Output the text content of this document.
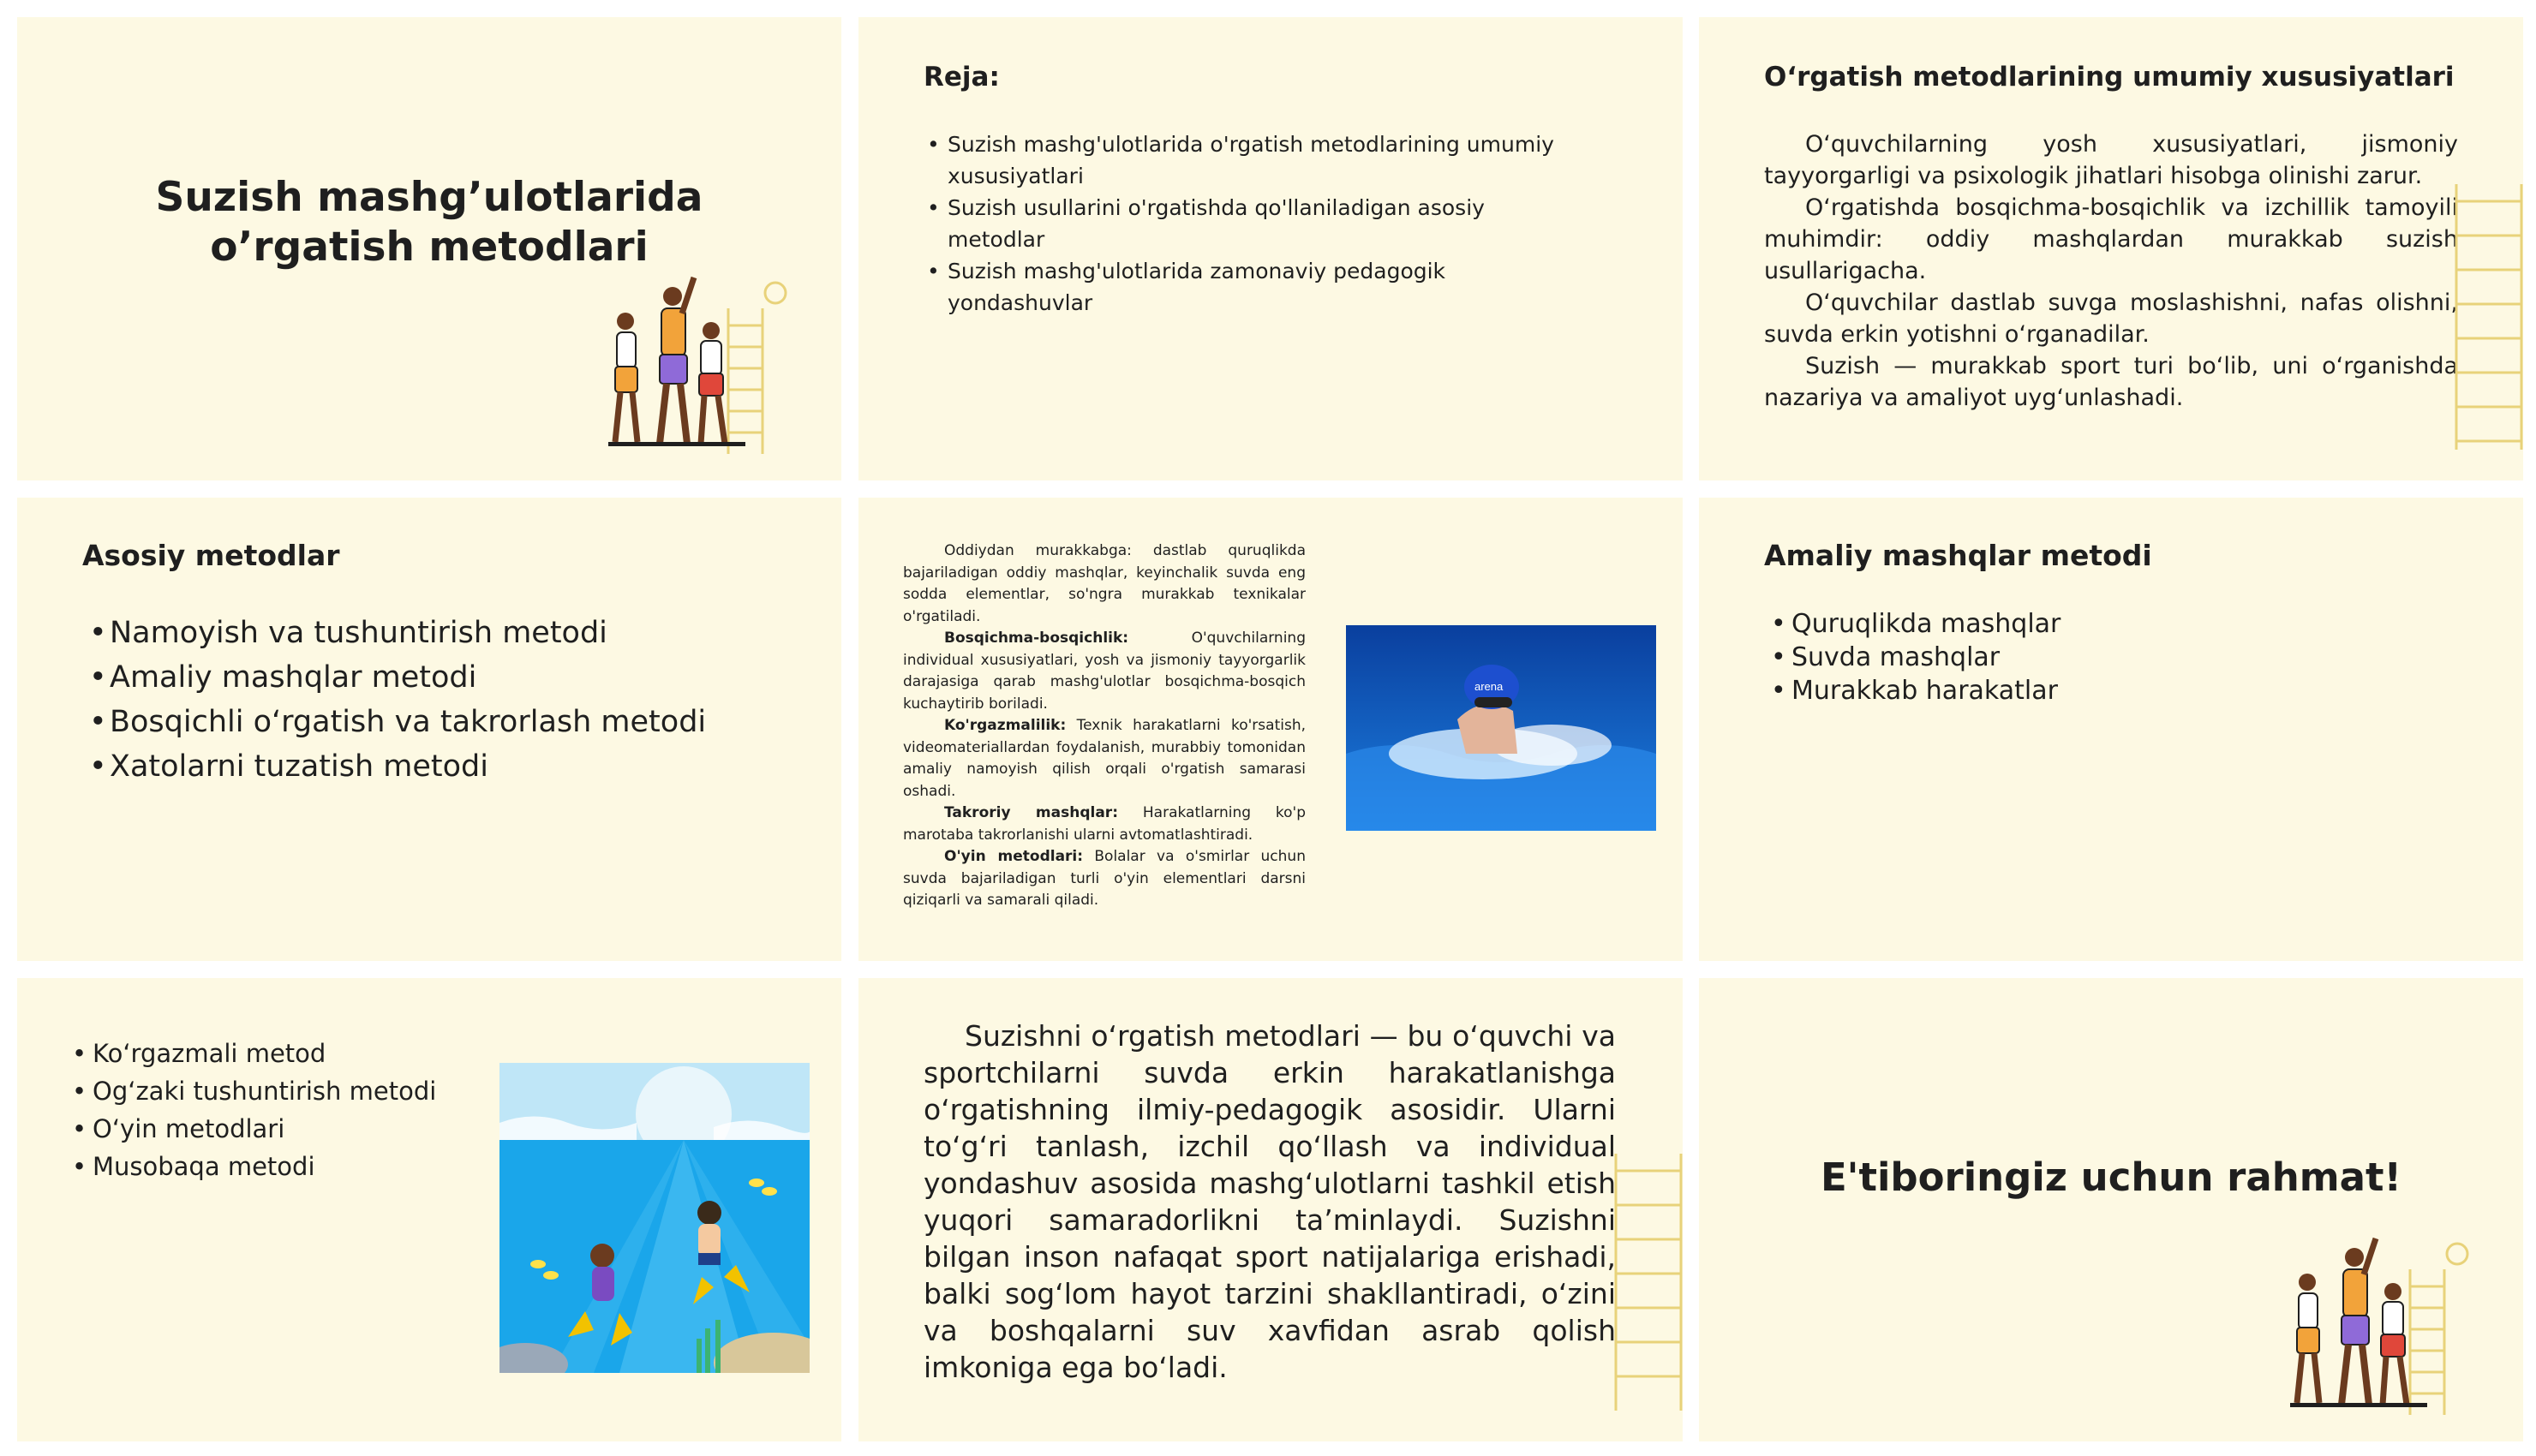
Suzish mashg’ulotlarida
o’rgatish metodlari
Reja:
• Suzish mashg'ulotlarida o'rgatish metodlarining umumiy xususiyatlari
• Suzish usullarini o'rgatishda qo'llaniladigan asosiy metodlar
• Suzish mashg'ulotlarida zamonaviy pedagogik yondashuvlar
O‘rgatish metodlarining umumiy xususiyatlari

O‘quvchilarning yosh xususiyatlari, jismoniy tayyorgarligi va psixologik jihatlari hisobga olinishi zarur.

O‘rgatishda bosqichma-bosqichlik va izchillik tamoyili muhimdir: oddiy mashqlardan murakkab suzish usullarigacha.

O‘quvchilar dastlab suvga moslashishni, nafas olishni, suvda erkin yotishni o‘rganadilar.

Suzish — murakkab sport turi bo‘lib, uni o‘rganishda nazariya va amaliyot uyg‘unlashadi.

Asosiy metodlar
• Namoyish va tushuntirish metodi
• Amaliy mashqlar metodi
• Bosqichli o‘rgatish va takrorlash metodi
• Xatolarni tuzatish metodi

Oddiydan murakkabga: dastlab quruqlikda bajariladigan oddiy mashqlar, keyinchalik suvda eng sodda elementlar, so'ngra murakkab texnikalar o'rgatiladi.

Bosqichma-bosqichlik: O'quvchilarning individual xususiyatlari, yosh va jismoniy tayyorgarlik darajasiga qarab mashg'ulotlar bosqichma-bosqich kuchaytirib boriladi.

Ko'rgazmalilik: Texnik harakatlarni ko'rsatish, videomateriallardan foydalanish, murabbiy tomonidan amaliy namoyish qilish orqali o'rgatish samarasi oshadi.

Takroriy mashqlar: Harakatlarning ko'p marotaba takrorlanishi ularni avtomatlashtiradi.

O'yin metodlari: Bolalar va o'smirlar uchun suvda bajariladigan turli o'yin elementlari darsni qiziqarli va samarali qiladi.

arena
Amaliy mashqlar metodi
• Quruqlikda mashqlar
• Suvda mashqlar
• Murakkab harakatlar
• Ko‘rgazmali metod
• Og‘zaki tushuntirish metodi
• O‘yin metodlari
• Musobaqa metodi
Suzishni o‘rgatish metodlari — bu o‘quvchi va sportchilarni suvda erkin harakatlanishga o‘rgatishning ilmiy-pedagogik asosidir. Ularni to‘g‘ri tanlash, izchil qo‘llash va individual yondashuv asosida mashg‘ulotlarni tashkil etish yuqori samaradorlikni ta’minlaydi. Suzishni bilgan inson nafaqat sport natijalariga erishadi, balki sog‘lom hayot tarzini shakllantiradi, o‘zini va boshqalarni suv xavfidan asrab qolish imkoniga ega bo‘ladi.
E'tiboringiz uchun rahmat!
